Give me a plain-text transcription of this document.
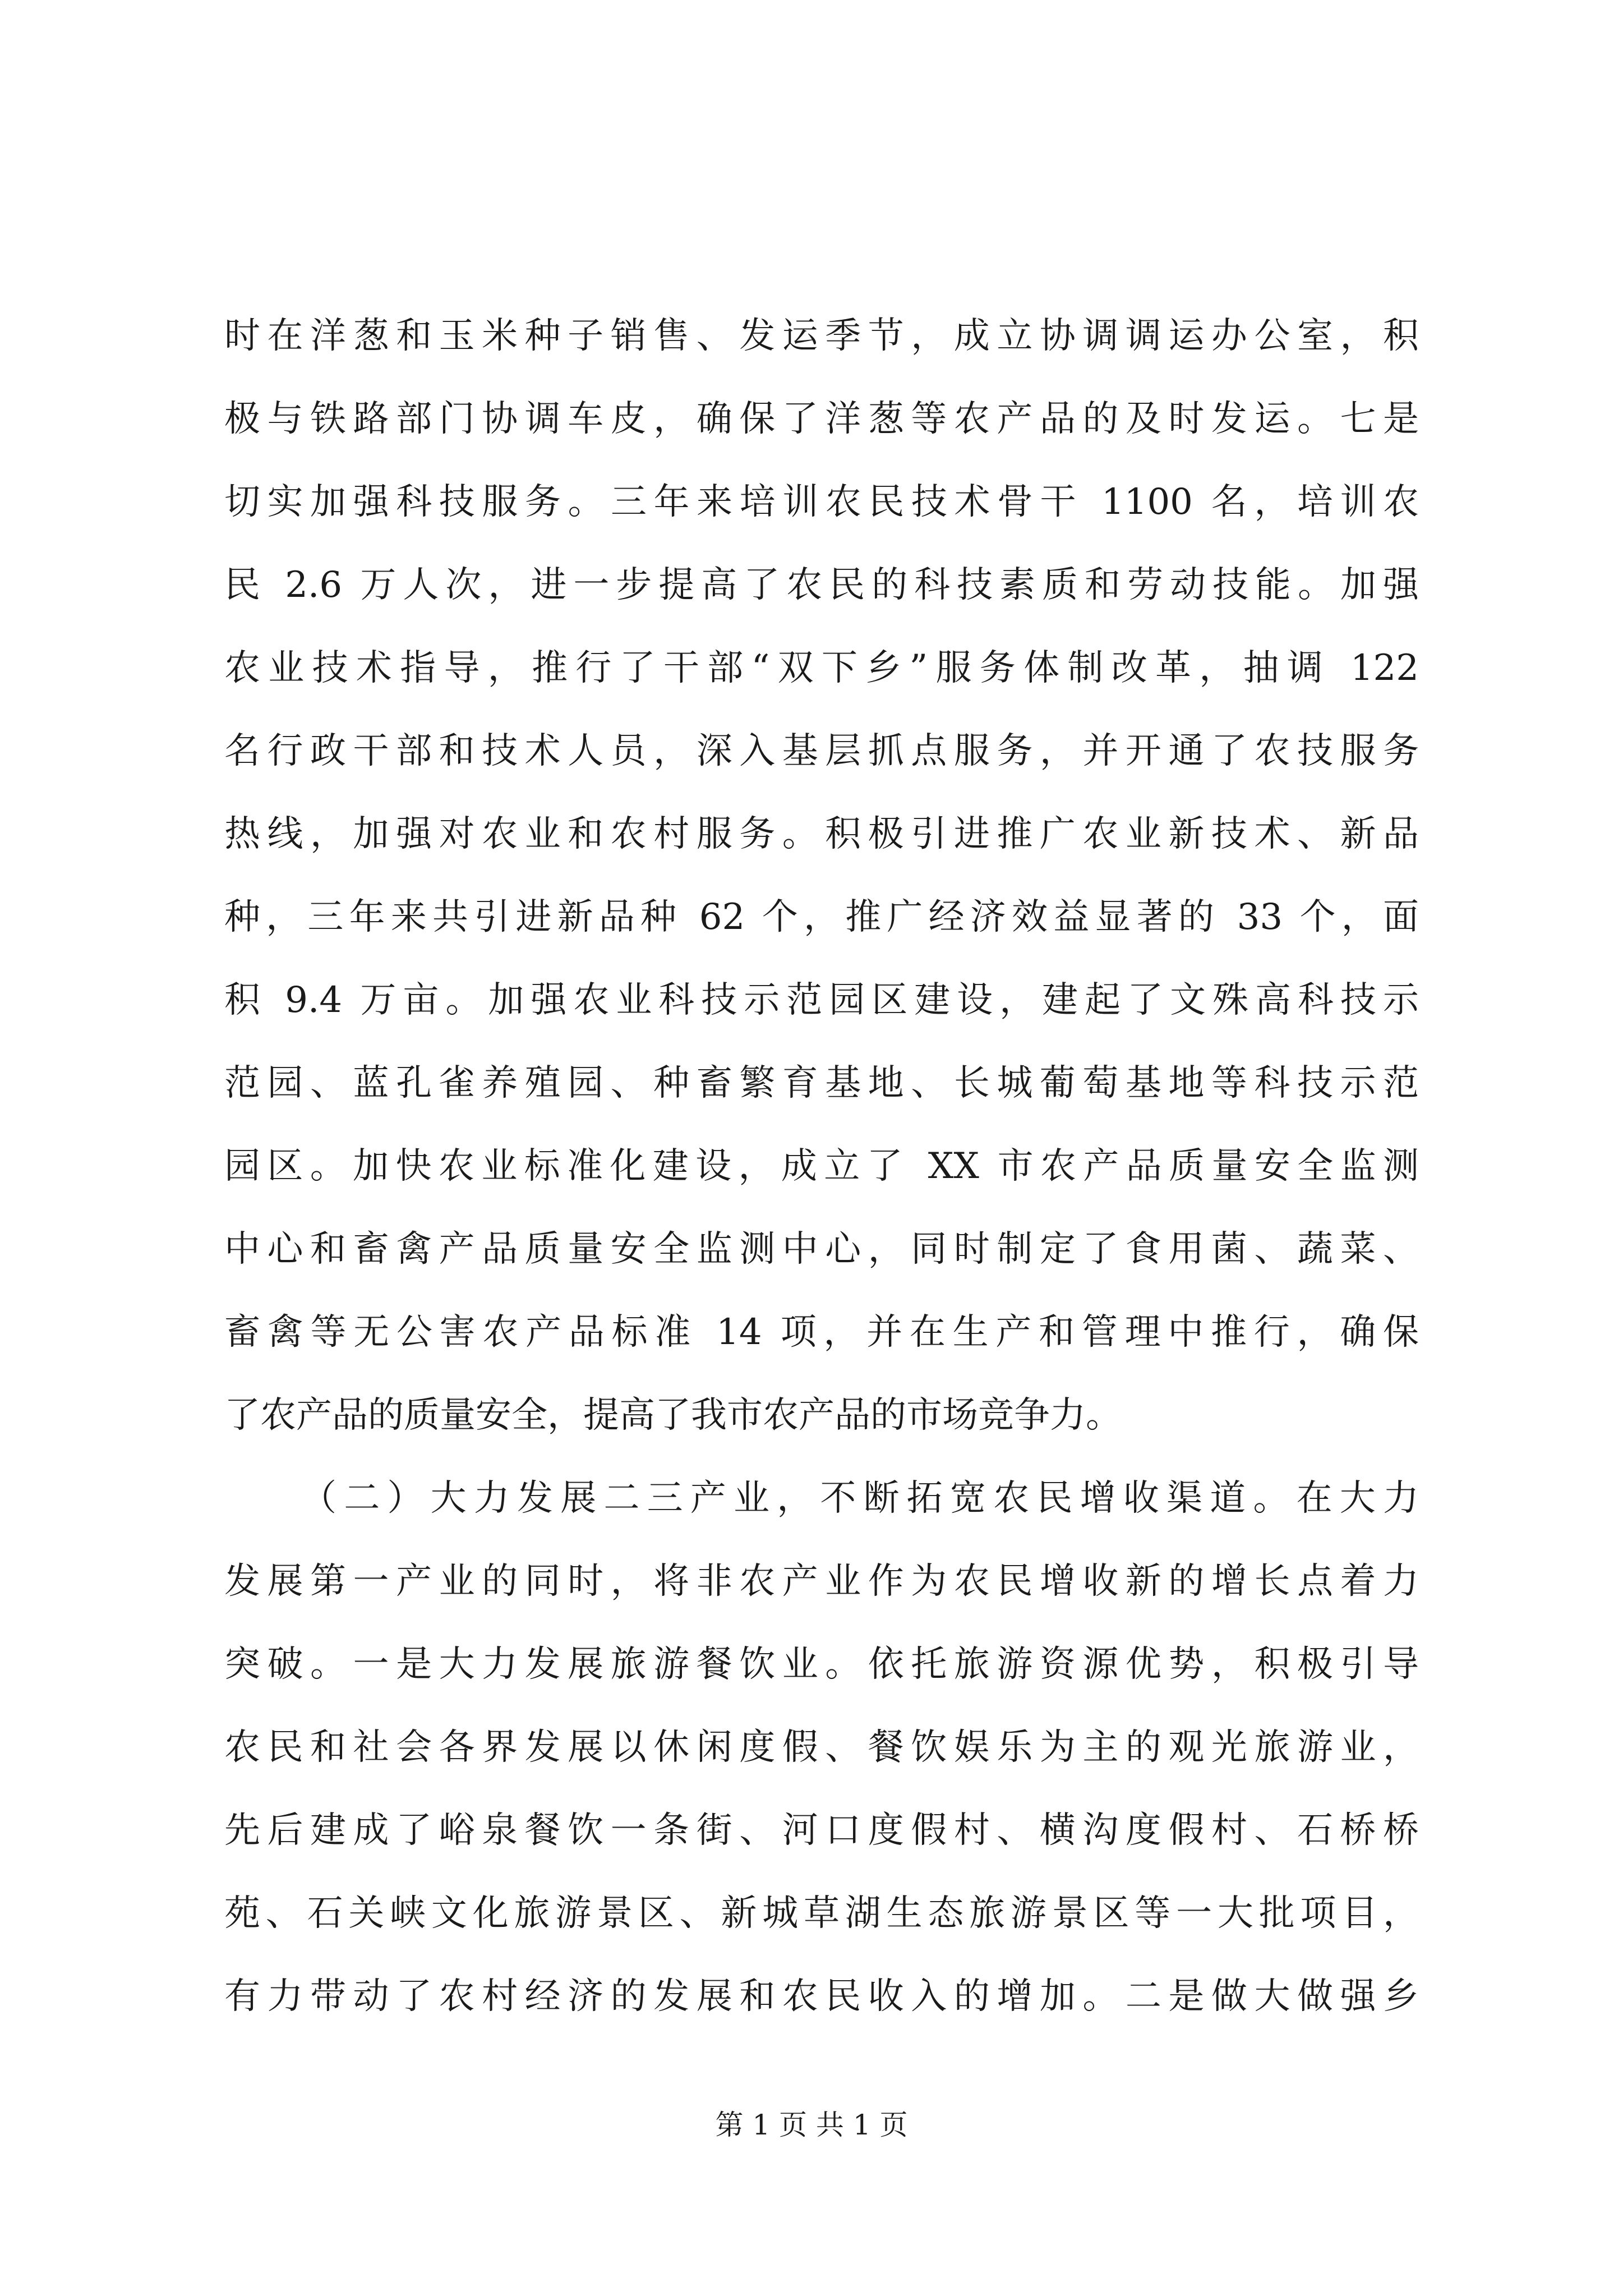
时在洋葱和玉米种子销售、发运季节，成立协调调运办公室，积
极与铁路部门协调车皮，确保了洋葱等农产品的及时发运。七是
切实加强科技服务。三年来培训农民技术骨干 1100 名，培训农
民 2.6 万人次，进一步提高了农民的科技素质和劳动技能。加强
农业技术指导，推行了干部“双下乡”服务体制改革，抽调 122
名行政干部和技术人员，深入基层抓点服务，并开通了农技服务
热线，加强对农业和农村服务。积极引进推广农业新技术、新品
种，三年来共引进新品种 62 个，推广经济效益显著的 33 个，面
积 9.4 万亩。加强农业科技示范园区建设，建起了文殊高科技示
范园、蓝孔雀养殖园、种畜繁育基地、长城葡萄基地等科技示范
园区。加快农业标准化建设，成立了 XX 市农产品质量安全监测
中心和畜禽产品质量安全监测中心，同时制定了食用菌、蔬菜、
畜禽等无公害农产品标准 14 项，并在生产和管理中推行，确保
了农产品的质量安全，提高了我市农产品的市场竞争力。
（二）大力发展二三产业，不断拓宽农民增收渠道。在大力
发展第一产业的同时，将非农产业作为农民增收新的增长点着力
突破。一是大力发展旅游餐饮业。依托旅游资源优势，积极引导
农民和社会各界发展以休闲度假、餐饮娱乐为主的观光旅游业，
先后建成了峪泉餐饮一条街、河口度假村、横沟度假村、石桥桥
苑、石关峡文化旅游景区、新城草湖生态旅游景区等一大批项目，
有力带动了农村经济的发展和农民收入的增加。二是做大做强乡
第 1 页 共 1 页
